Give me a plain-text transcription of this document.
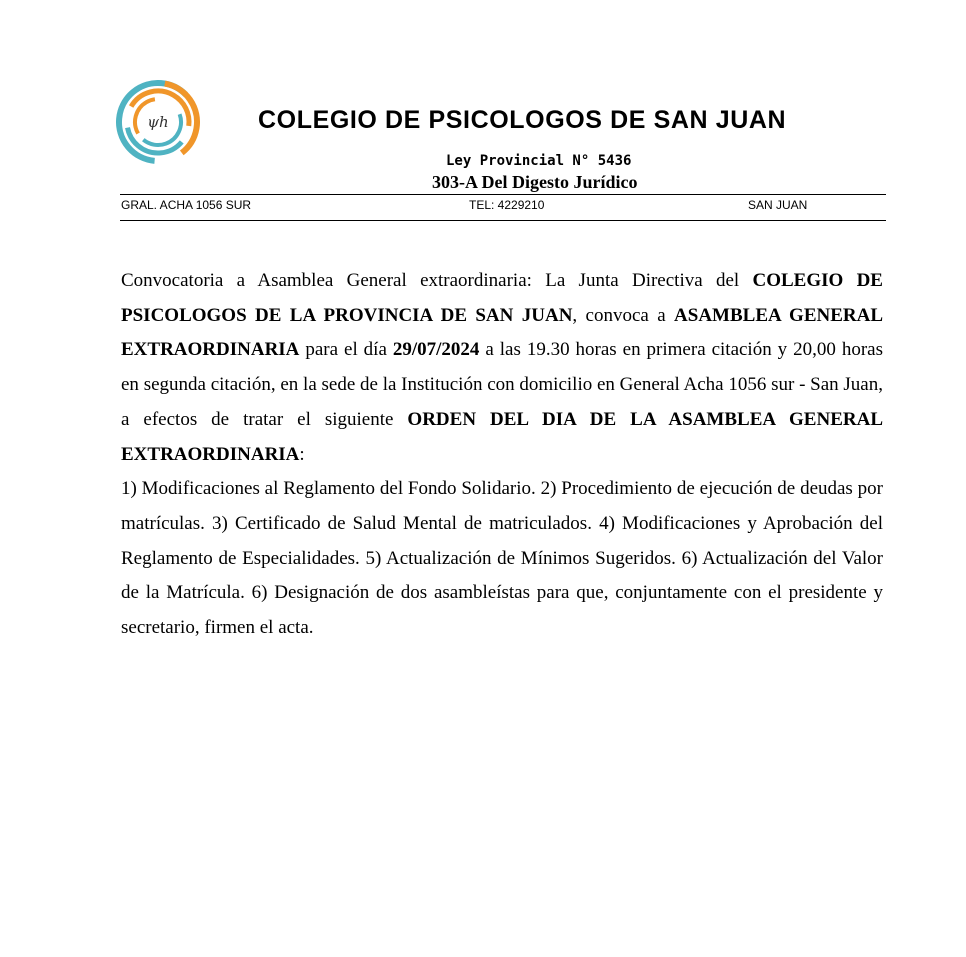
ψh	COLEGIO DE PSICOLOGOS DE SAN JUAN
Ley Provincial N° 5436
303-A Del Digesto Jurídico
GRAL. ACHA 1056 SUR	TEL: 4229210	SAN JUAN

Convocatoria a Asamblea General extraordinaria: La Junta Directiva del COLEGIO DE PSICOLOGOS DE LA PROVINCIA DE SAN JUAN, convoca a ASAMBLEA GENERAL EXTRAORDINARIA para el día 29/07/2024 a las 19.30 horas en primera citación y 20,00 horas en segunda citación, en la sede de la Institución con domicilio en General Acha 1056 sur - San Juan, a efectos de tratar el siguiente ORDEN DEL DIA DE LA ASAMBLEA GENERAL EXTRAORDINARIA:

1) Modificaciones al Reglamento del Fondo Solidario. 2) Procedimiento de ejecución de deudas por matrículas. 3) Certificado de Salud Mental de matriculados. 4) Modificaciones y Aprobación del Reglamento de Especialidades. 5) Actualización de Mínimos Sugeridos. 6) Actualización del Valor de la Matrícula. 6) Designación de dos asambleístas para que, conjuntamente con el presidente y secretario, firmen el acta.
